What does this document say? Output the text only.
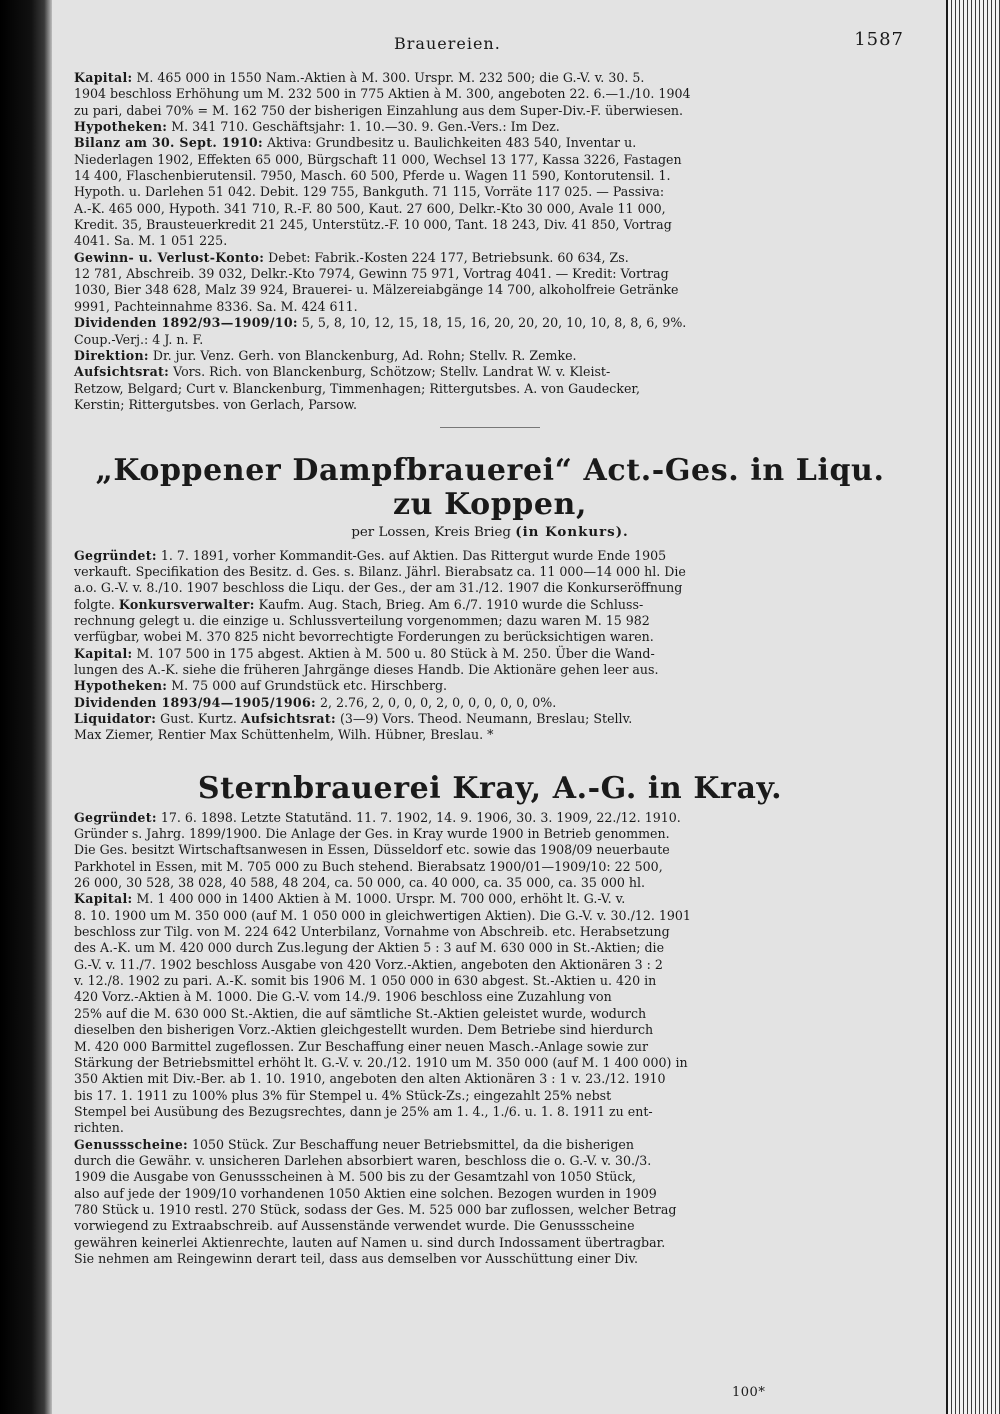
Brauereien.	1587

Kapital: M. 465 000 in 1550 Nam.-Aktien à M. 300. Urspr. M. 232 500; die G.-V. v. 30. 5.

1904 beschloss Erhöhung um M. 232 500 in 775 Aktien à M. 300, angeboten 22. 6.—1./10. 1904

zu pari, dabei 70% = M. 162 750 der bisherigen Einzahlung aus dem Super-Div.-F. überwiesen.

Hypotheken: M. 341 710. Geschäftsjahr: 1. 10.—30. 9. Gen.-Vers.: Im Dez.

Bilanz am 30. Sept. 1910: Aktiva: Grundbesitz u. Baulichkeiten 483 540, Inventar u.

Niederlagen 1902, Effekten 65 000, Bürgschaft 11 000, Wechsel 13 177, Kassa 3226, Fastagen

14 400, Flaschenbierutensil. 7950, Masch. 60 500, Pferde u. Wagen 11 590, Kontorutensil. 1.

Hypoth. u. Darlehen 51 042. Debit. 129 755, Bankguth. 71 115, Vorräte 117 025. — Passiva:

A.-K. 465 000, Hypoth. 341 710, R.-F. 80 500, Kaut. 27 600, Delkr.-Kto 30 000, Avale 11 000,

Kredit. 35, Brausteuerkredit 21 245, Unterstütz.-F. 10 000, Tant. 18 243, Div. 41 850, Vortrag

4041. Sa. M. 1 051 225.

Gewinn- u. Verlust-Konto: Debet: Fabrik.-Kosten 224 177, Betriebsunk. 60 634, Zs.

12 781, Abschreib. 39 032, Delkr.-Kto 7974, Gewinn 75 971, Vortrag 4041. — Kredit: Vortrag

1030, Bier 348 628, Malz 39 924, Brauerei- u. Mälzereiabgänge 14 700, alkoholfreie Getränke

9991, Pachteinnahme 8336. Sa. M. 424 611.

Dividenden 1892/93—1909/10: 5, 5, 8, 10, 12, 15, 18, 15, 16, 20, 20, 20, 10, 10, 8, 8, 6, 9%.

Coup.-Verj.: 4 J. n. F.

Direktion: Dr. jur. Venz. Gerh. von Blanckenburg, Ad. Rohn; Stellv. R. Zemke.

Aufsichtsrat: Vors. Rich. von Blanckenburg, Schötzow; Stellv. Landrat W. v. Kleist-

Retzow, Belgard; Curt v. Blanckenburg, Timmenhagen; Rittergutsbes. A. von Gaudecker,

Kerstin; Rittergutsbes. von Gerlach, Parsow.

„Koppener Dampfbrauerei“ Act.-Ges. in Liqu. zu Koppen,
per Lossen, Kreis Brieg (in Konkurs).

Gegründet: 1. 7. 1891, vorher Kommandit-Ges. auf Aktien. Das Rittergut wurde Ende 1905

verkauft. Specifikation des Besitz. d. Ges. s. Bilanz. Jährl. Bierabsatz ca. 11 000—14 000 hl. Die

a.o. G.-V. v. 8./10. 1907 beschloss die Liqu. der Ges., der am 31./12. 1907 die Konkurseröffnung

folgte. Konkursverwalter: Kaufm. Aug. Stach, Brieg. Am 6./7. 1910 wurde die Schluss-

rechnung gelegt u. die einzige u. Schlussverteilung vorgenommen; dazu waren M. 15 982

verfügbar, wobei M. 370 825 nicht bevorrechtigte Forderungen zu berücksichtigen waren.

Kapital: M. 107 500 in 175 abgest. Aktien à M. 500 u. 80 Stück à M. 250. Über die Wand-

lungen des A.-K. siehe die früheren Jahrgänge dieses Handb. Die Aktionäre gehen leer aus.

Hypotheken: M. 75 000 auf Grundstück etc. Hirschberg.

Dividenden 1893/94—1905/1906: 2, 2.76, 2, 0, 0, 0, 2, 0, 0, 0, 0, 0, 0%.

Liquidator: Gust. Kurtz. Aufsichtsrat: (3—9) Vors. Theod. Neumann, Breslau; Stellv.

Max Ziemer, Rentier Max Schüttenhelm, Wilh. Hübner, Breslau. *

Sternbrauerei Kray, A.-G. in Kray.

Gegründet: 17. 6. 1898. Letzte Statutänd. 11. 7. 1902, 14. 9. 1906, 30. 3. 1909, 22./12. 1910.

Gründer s. Jahrg. 1899/1900. Die Anlage der Ges. in Kray wurde 1900 in Betrieb genommen.

Die Ges. besitzt Wirtschaftsanwesen in Essen, Düsseldorf etc. sowie das 1908/09 neuerbaute

Parkhotel in Essen, mit M. 705 000 zu Buch stehend. Bierabsatz 1900/01—1909/10: 22 500,

26 000, 30 528, 38 028, 40 588, 48 204, ca. 50 000, ca. 40 000, ca. 35 000, ca. 35 000 hl.

Kapital: M. 1 400 000 in 1400 Aktien à M. 1000. Urspr. M. 700 000, erhöht lt. G.-V. v.

8. 10. 1900 um M. 350 000 (auf M. 1 050 000 in gleichwertigen Aktien). Die G.-V. v. 30./12. 1901

beschloss zur Tilg. von M. 224 642 Unterbilanz, Vornahme von Abschreib. etc. Herabsetzung

des A.-K. um M. 420 000 durch Zus.legung der Aktien 5 : 3 auf M. 630 000 in St.-Aktien; die

G.-V. v. 11./7. 1902 beschloss Ausgabe von 420 Vorz.-Aktien, angeboten den Aktionären 3 : 2

v. 12./8. 1902 zu pari. A.-K. somit bis 1906 M. 1 050 000 in 630 abgest. St.-Aktien u. 420 in

420 Vorz.-Aktien à M. 1000. Die G.-V. vom 14./9. 1906 beschloss eine Zuzahlung von

25% auf die M. 630 000 St.-Aktien, die auf sämtliche St.-Aktien geleistet wurde, wodurch

dieselben den bisherigen Vorz.-Aktien gleichgestellt wurden. Dem Betriebe sind hierdurch

M. 420 000 Barmittel zugeflossen. Zur Beschaffung einer neuen Masch.-Anlage sowie zur

Stärkung der Betriebsmittel erhöht lt. G.-V. v. 20./12. 1910 um M. 350 000 (auf M. 1 400 000) in

350 Aktien mit Div.-Ber. ab 1. 10. 1910, angeboten den alten Aktionären 3 : 1 v. 23./12. 1910

bis 17. 1. 1911 zu 100% plus 3% für Stempel u. 4% Stück-Zs.; eingezahlt 25% nebst

Stempel bei Ausübung des Bezugsrechtes, dann je 25% am 1. 4., 1./6. u. 1. 8. 1911 zu ent-

richten.

Genussscheine: 1050 Stück. Zur Beschaffung neuer Betriebsmittel, da die bisherigen

durch die Gewähr. v. unsicheren Darlehen absorbiert waren, beschloss die o. G.-V. v. 30./3.

1909 die Ausgabe von Genussscheinen à M. 500 bis zu der Gesamtzahl von 1050 Stück,

also auf jede der 1909/10 vorhandenen 1050 Aktien eine solchen. Bezogen wurden in 1909

780 Stück u. 1910 restl. 270 Stück, sodass der Ges. M. 525 000 bar zuflossen, welcher Betrag

vorwiegend zu Extraabschreib. auf Aussenstände verwendet wurde. Die Genussscheine

gewähren keinerlei Aktienrechte, lauten auf Namen u. sind durch Indossament übertragbar.

Sie nehmen am Reingewinn derart teil, dass aus demselben vor Ausschüttung einer Div.

100*
